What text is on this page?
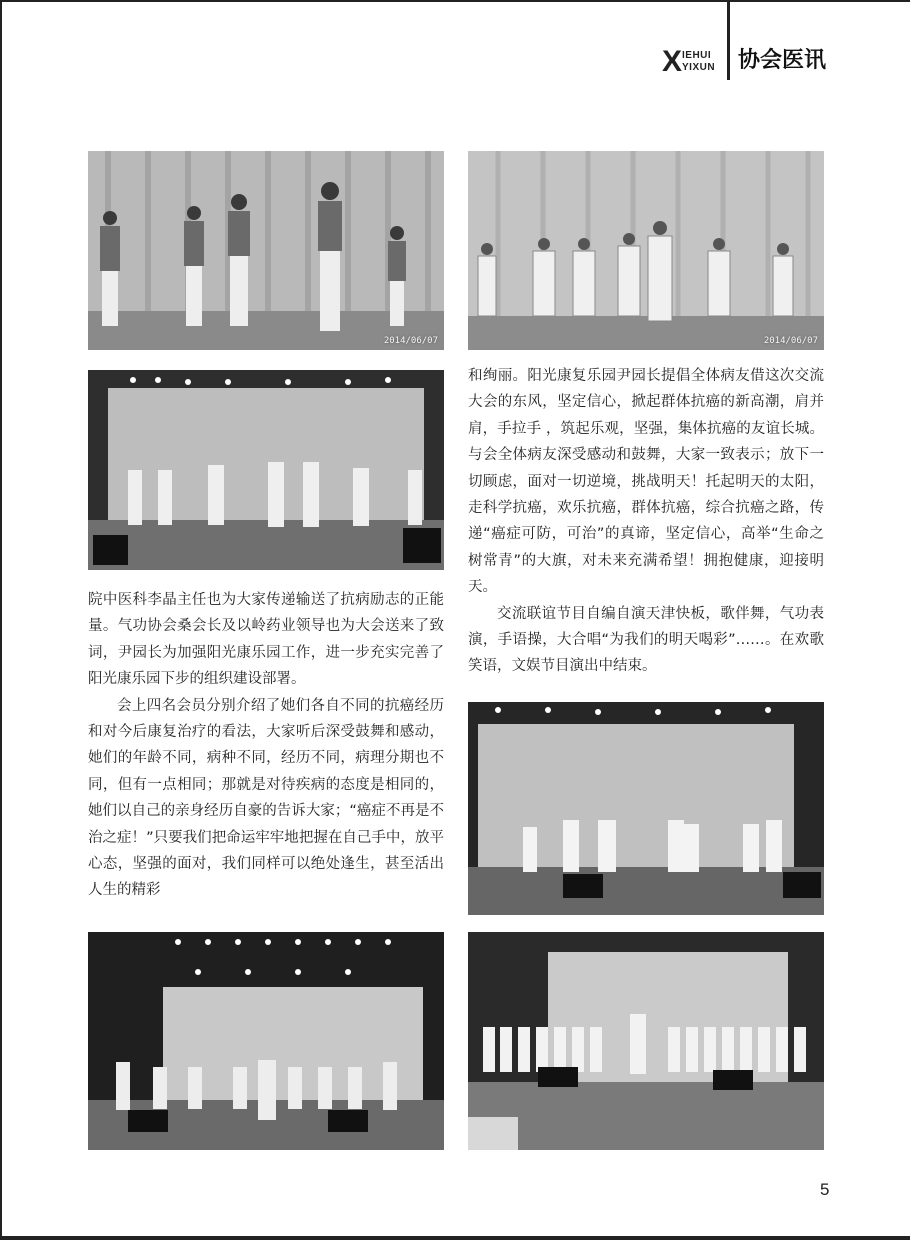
X IEHUI
YIXUN 协会医讯
2014/06/07	2014/06/07

院中医科李晶主任也为大家传递输送了抗病励志的正能量。气功协会桑会长及以岭药业领导也为大会送来了致词，尹园长为加强阳光康乐园工作，进一步充实完善了阳光康乐园下步的组织建设部署。

会上四名会员分别介绍了她们各自不同的抗癌经历和对今后康复治疗的看法，大家听后深受鼓舞和感动，她们的年龄不同，病种不同，经历不同，病理分期也不同，但有一点相同；那就是对待疾病的态度是相同的，她们以自己的亲身经历自豪的告诉大家；“癌症不再是不治之症！”只要我们把命运牢牢地把握在自己手中，放平心态，坚强的面对，我们同样可以绝处逢生，甚至活出人生的精彩

和绚丽。阳光康复乐园尹园长提倡全体病友借这次交流大会的东风，坚定信心，掀起群体抗癌的新高潮，肩并肩，手拉手 ，筑起乐观，坚强，集体抗癌的友谊长城。与会全体病友深受感动和鼓舞，大家一致表示；放下一切顾虑，面对一切逆境，挑战明天！托起明天的太阳，走科学抗癌，欢乐抗癌，群体抗癌，综合抗癌之路，传递“癌症可防，可治”的真谛，坚定信心，高举“生命之树常青”的大旗，对未来充满希望！拥抱健康，迎接明天。

交流联谊节目自编自演天津快板，歌伴舞，气功表演，手语操，大合唱“为我们的明天喝彩”……。在欢歌笑语，文娱节目演出中结束。

5
